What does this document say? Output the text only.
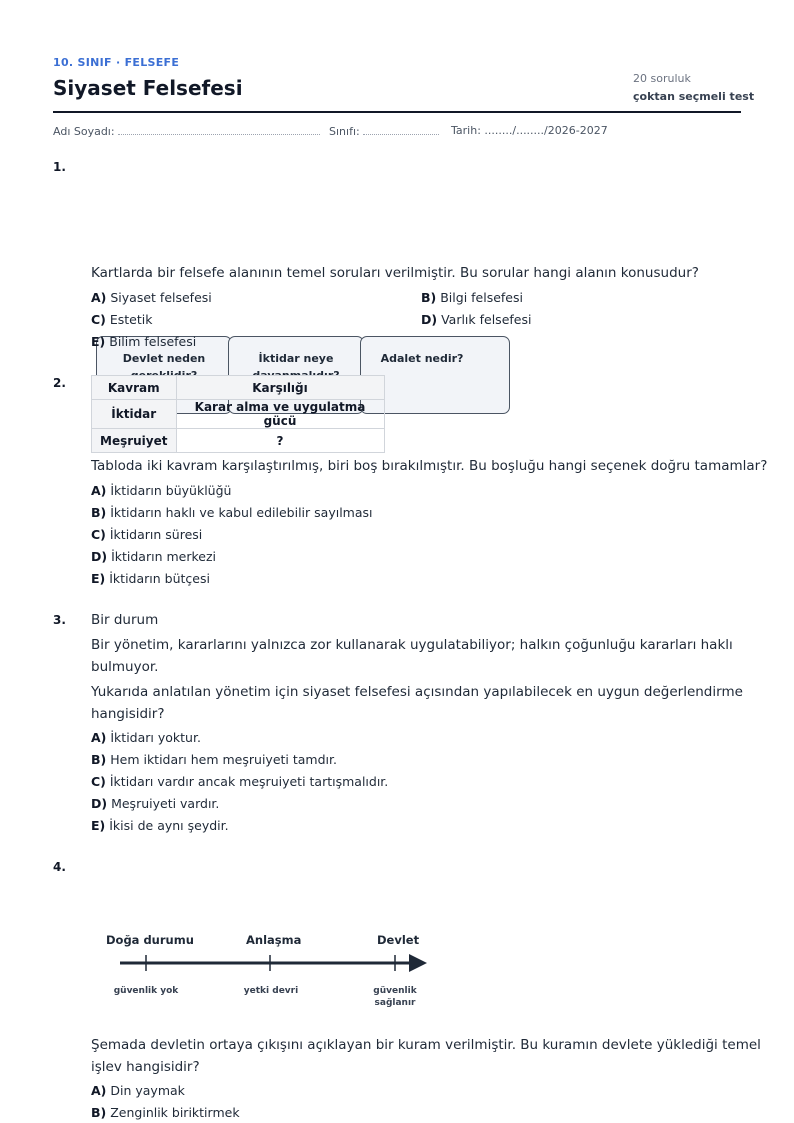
10. SINIF · FELSEFE
Siyaset Felsefesi	20 soruluk
çoktan seçmeli test
Adı Soyadı:	Sınıfı:	Tarih: ......../......../2026-2027
1.
Devlet neden	İktidar neye	Adalet nedir?
Kartlarda bir felsefe alanının temel soruları verilmiştir. Bu sorular hangi alanın konusudur?
A) Siyaset felsefesi	B) Bilgi felsefesi
C) Estetik	D) Varlık felsefesi
E) Bilim felsefesi
2.	Kavram	Karşılığı
İktidar	Karar alma ve uygulatma gücü
Meşruiyet	?
Tabloda iki kavram karşılaştırılmış, biri boş bırakılmıştır. Bu boşluğu hangi seçenek doğru tamamlar?
A) İktidarın büyüklüğü
B) İktidarın haklı ve kabul edilebilir sayılması
C) İktidarın süresi
D) İktidarın merkezi
E) İktidarın bütçesi
3. Bir durum
Bir yönetim, kararlarını yalnızca zor kullanarak uygulatabiliyor; halkın çoğunluğu kararları haklı
bulmuyor.
Yukarıda anlatılan yönetim için siyaset felsefesi açısından yapılabilecek en uygun değerlendirme
hangisidir?
A) İktidarı yoktur.
B) Hem iktidarı hem meşruiyeti tamdır.
C) İktidarı vardır ancak meşruiyeti tartışmalıdır.
D) Meşruiyeti vardır.
E) İkisi de aynı şeydir.
4.
Doğa durumu	Anlaşma	Devlet
güvenlik yok	yetki devri	güvenlik
sağlanır
Şemada devletin ortaya çıkışını açıklayan bir kuram verilmiştir. Bu kuramın devlete yüklediği temel
işlev hangisidir?
A) Din yaymak
B) Zenginlik biriktirmek
